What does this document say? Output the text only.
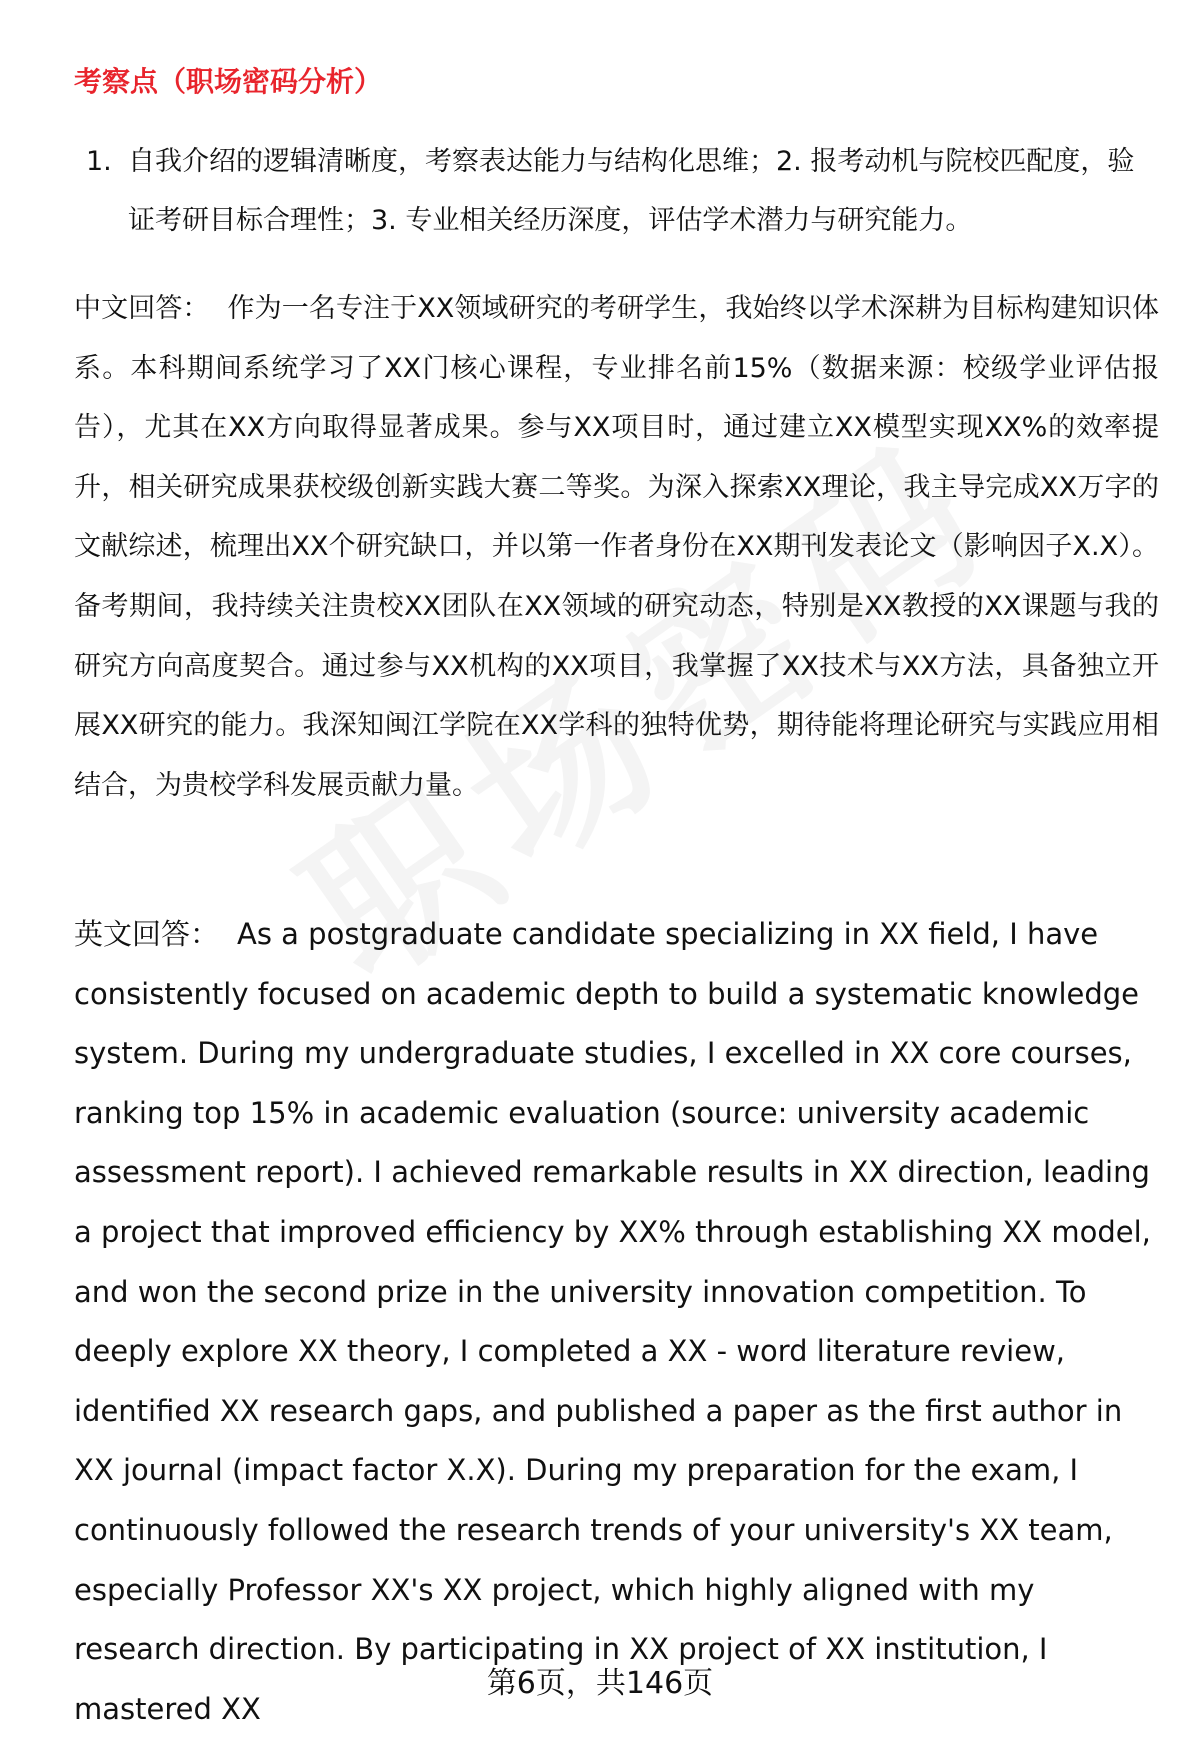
考察点（职场密码分析）
1. 自我介绍的逻辑清晰度，考察表达能力与结构化思维；2. 报考动机与院校匹配度，验证考研目标合理性；3. 专业相关经历深度，评估学术潜力与研究能力。

中文回答： 作为一名专注于XX领域研究的考研学生，我始终以学术深耕为目标构建知识体系。本科期间系统学习了XX门核心课程，专业排名前15%（数据来源：校级学业评估报告），尤其在XX方向取得显著成果。参与XX项目时，通过建立XX模型实现XX%的效率提升，相关研究成果获校级创新实践大赛二等奖。为深入探索XX理论，我主导完成XX万字的文献综述，梳理出XX个研究缺口，并以第一作者身份在XX期刊发表论文（影响因子X.X）。备考期间，我持续关注贵校XX团队在XX领域的研究动态，特别是XX教授的XX课题与我的研究方向高度契合。通过参与XX机构的XX项目，我掌握了XX技术与XX方法，具备独立开展XX研究的能力。我深知闽江学院在XX学科的独特优势，期待能将理论研究与实践应用相结合，为贵校学科发展贡献力量。

英文回答： As a postgraduate candidate specializing in XX field, I have consistently focused on academic depth to build a systematic knowledge system. During my undergraduate studies, I excelled in XX core courses, ranking top 15% in academic evaluation (source: university academic assessment report). I achieved remarkable results in XX direction, leading a project that improved efficiency by XX% through establishing XX model, and won the second prize in the university innovation competition. To deeply explore XX theory, I completed a XX - word literature review, identified XX research gaps, and published a paper as the first author in XX journal (impact factor X.X). During my preparation for the exam, I continuously followed the research trends of your university's XX team, especially Professor XX's XX project, which highly aligned with my research direction. By participating in XX project of XX institution, I mastered XX

第6页，共146页
